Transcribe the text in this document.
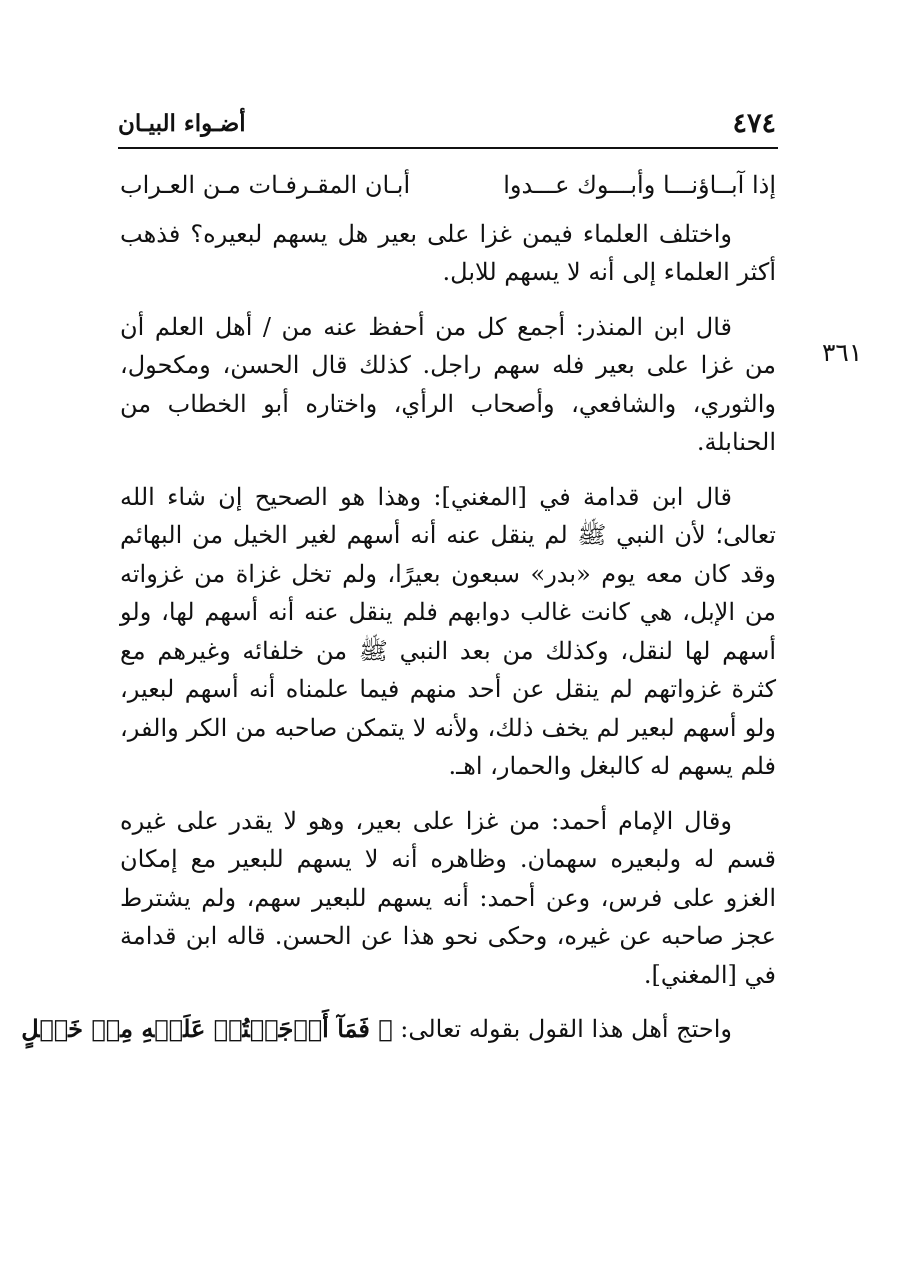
٤٧٤
أضـواء البيـان
٣٦١
إذا آبــاؤنـــا وأبـــوك عـــدوا
أبـان المقـرفـات مـن العـراب

واختلف العلماء فيمن غزا على بعير هل يسهم لبعيره؟ فذهب أكثر العلماء إلى أنه لا يسهم للابل.

قال ابن المنذر: أجمع كل من أحفظ عنه من / أهل العلم أن من غزا على بعير فله سهم راجل. كذلك قال الحسن، ومكحول، والثوري، والشافعي، وأصحاب الرأي، واختاره أبو الخطاب من الحنابلة.

قال ابن قدامة في [المغني]: وهذا هو الصحيح إن شاء الله تعالى؛ لأن النبي ﷺ لم ينقل عنه أنه أسهم لغير الخيل من البهائم وقد كان معه يوم «بدر» سبعون بعيرًا، ولم تخل غزاة من غزواته من الإبل، هي كانت غالب دوابهم فلم ينقل عنه أنه أسهم لها، ولو أسهم لها لنقل، وكذلك من بعد النبي ﷺ من خلفائه وغيرهم مع كثرة غزواتهم لم ينقل عن أحد منهم فيما علمناه أنه أسهم لبعير، ولو أسهم لبعير لم يخف ذلك، ولأنه لا يتمكن صاحبه من الكر والفر، فلم يسهم له كالبغل والحمار، اهـ.

وقال الإمام أحمد: من غزا على بعير، وهو لا يقدر على غيره قسم له ولبعيره سهمان. وظاهره أنه لا يسهم للبعير مع إمكان الغزو على فرس، وعن أحمد: أنه يسهم للبعير سهم، ولم يشترط عجز صاحبه عن غيره، وحكى نحو هذا عن الحسن. قاله ابن قدامة في [المغني].

واحتج أهل هذا القول بقوله تعالى: ﴿ فَمَآ أَوۡجَفۡتُمۡ عَلَيۡهِ مِنۡ خَيۡلٍ
